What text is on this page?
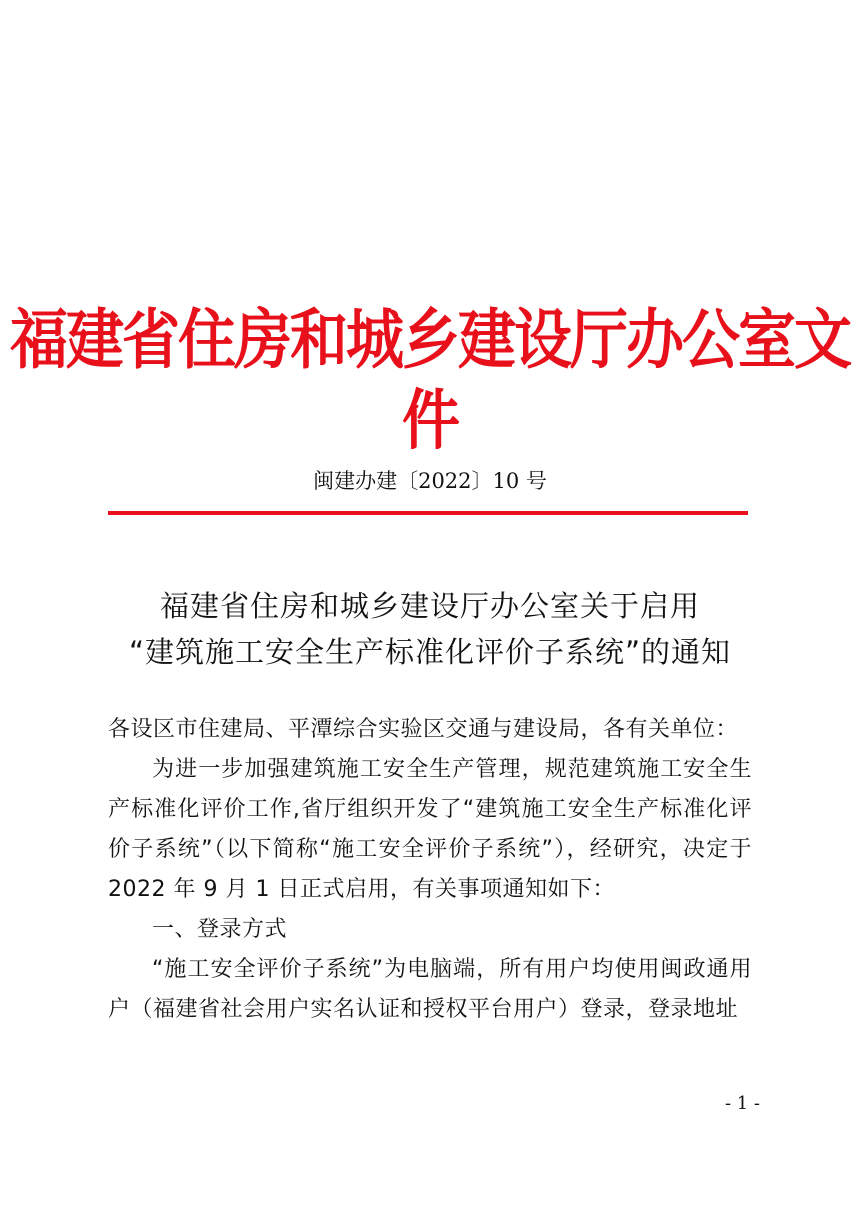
福建省住房和城乡建设厅办公室文件
闽建办建〔2022〕10 号
福建省住房和城乡建设厅办公室关于启用
“建筑施工安全生产标准化评价子系统”的通知

各设区市住建局、平潭综合实验区交通与建设局，各有关单位：

为进一步加强建筑施工安全生产管理，规范建筑施工安全生产标准化评价工作,省厅组织开发了“建筑施工安全生产标准化评价子系统”（以下简称“施工安全评价子系统”），经研究，决定于2022 年 9 月 1 日正式启用，有关事项通知如下：

一、登录方式

“施工安全评价子系统”为电脑端，所有用户均使用闽政通用户（福建省社会用户实名认证和授权平台用户）登录，登录地址

- 1 -
